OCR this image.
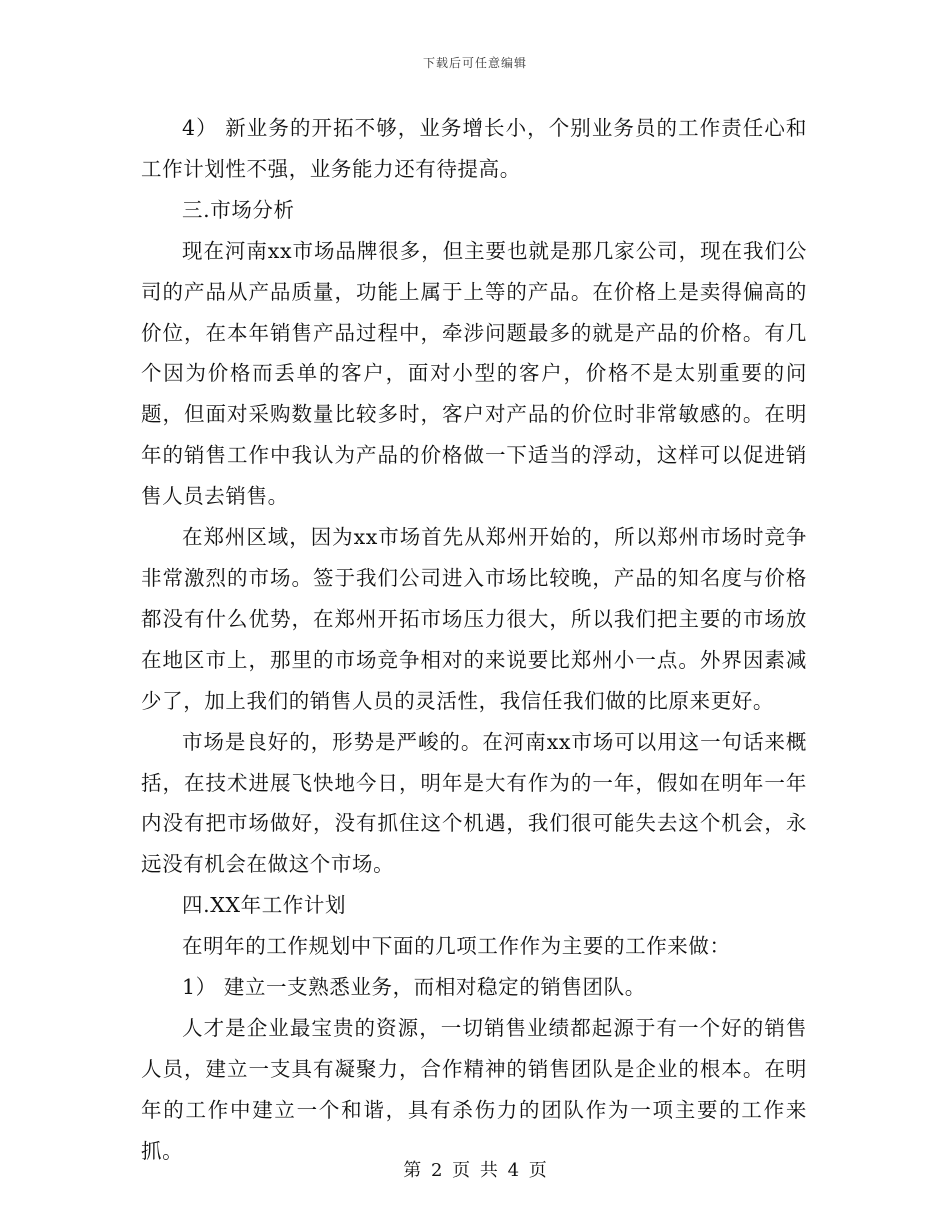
下载后可任意编辑

4） 新业务的开拓不够，业务增长小，个别业务员的工作责任心和工作计划性不强，业务能力还有待提高。

三.市场分析

现在河南xx市场品牌很多，但主要也就是那几家公司，现在我们公司的产品从产品质量，功能上属于上等的产品。在价格上是卖得偏高的价位，在本年销售产品过程中，牵涉问题最多的就是产品的价格。有几个因为价格而丢单的客户，面对小型的客户，价格不是太别重要的问题，但面对采购数量比较多时，客户对产品的价位时非常敏感的。在明年的销售工作中我认为产品的价格做一下适当的浮动，这样可以促进销售人员去销售。

在郑州区域，因为xx市场首先从郑州开始的，所以郑州市场时竞争非常激烈的市场。签于我们公司进入市场比较晚，产品的知名度与价格都没有什么优势，在郑州开拓市场压力很大，所以我们把主要的市场放在地区市上，那里的市场竞争相对的来说要比郑州小一点。外界因素减少了，加上我们的销售人员的灵活性，我信任我们做的比原来更好。

市场是良好的，形势是严峻的。在河南xx市场可以用这一句话来概括，在技术进展飞快地今日，明年是大有作为的一年，假如在明年一年内没有把市场做好，没有抓住这个机遇，我们很可能失去这个机会，永远没有机会在做这个市场。

四.XX年工作计划

在明年的工作规划中下面的几项工作作为主要的工作来做：

1） 建立一支熟悉业务，而相对稳定的销售团队。

人才是企业最宝贵的资源，一切销售业绩都起源于有一个好的销售人员，建立一支具有凝聚力，合作精神的销售团队是企业的根本。在明年的工作中建立一个和谐，具有杀伤力的团队作为一项主要的工作来抓。

第 2 页 共 4 页
